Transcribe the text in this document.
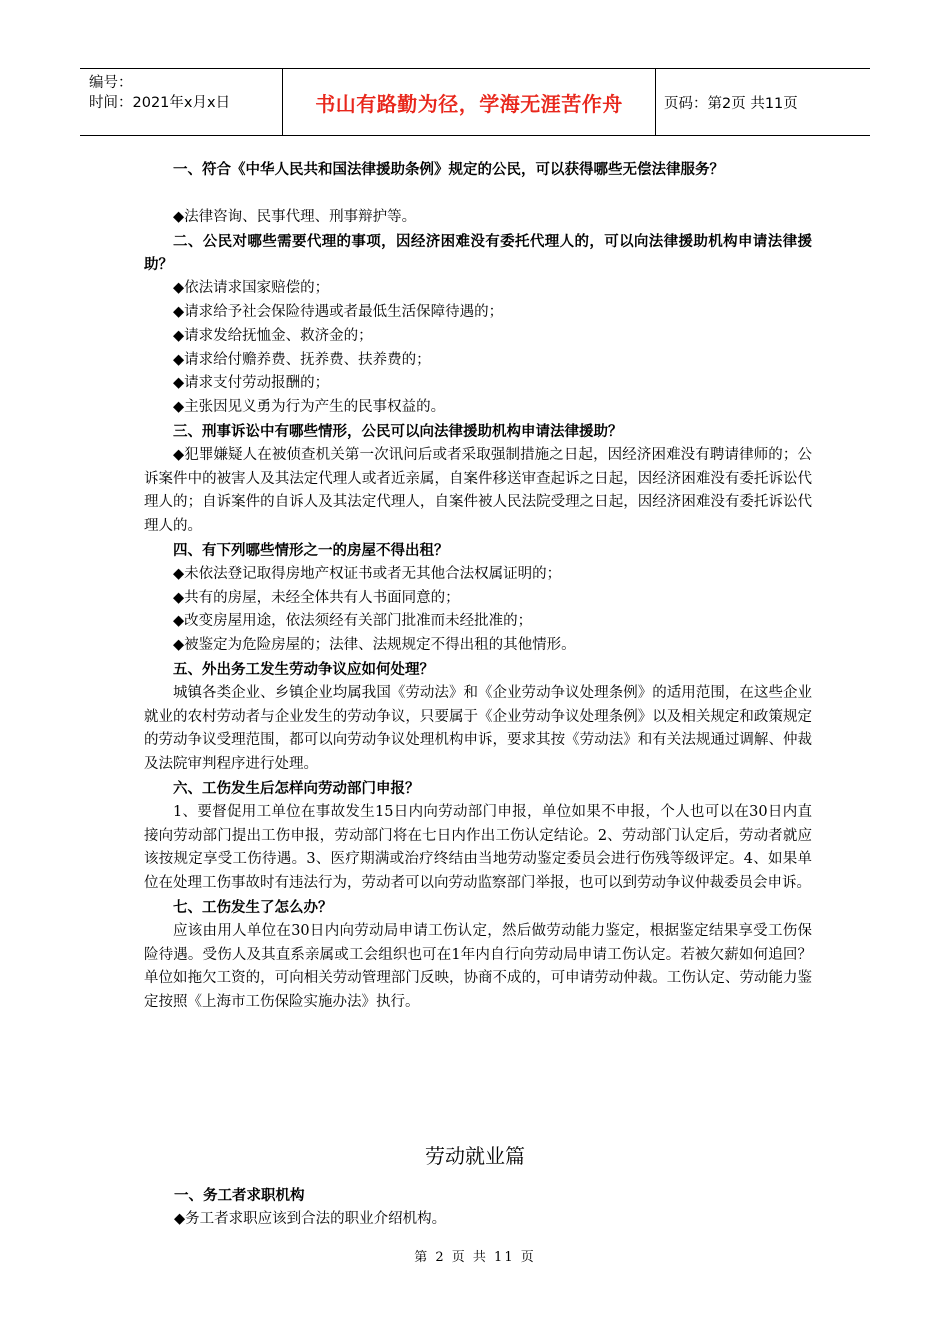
编号：
时间：2021年x月x日	书山有路勤为径，学海无涯苦作舟	页码：第2页 共11页

一、符合《中华人民共和国法律援助条例》规定的公民，可以获得哪些无偿法律服务？

◆法律咨询、民事代理、刑事辩护等。

二、公民对哪些需要代理的事项，因经济困难没有委托代理人的，可以向法律援助机构申请法律援助？

◆依法请求国家赔偿的；

◆请求给予社会保险待遇或者最低生活保障待遇的；

◆请求发给抚恤金、救济金的；

◆请求给付赡养费、抚养费、扶养费的；

◆请求支付劳动报酬的；

◆主张因见义勇为行为产生的民事权益的。

三、刑事诉讼中有哪些情形，公民可以向法律援助机构申请法律援助？

◆犯罪嫌疑人在被侦查机关第一次讯问后或者采取强制措施之日起，因经济困难没有聘请律师的；公诉案件中的被害人及其法定代理人或者近亲属，自案件移送审查起诉之日起，因经济困难没有委托诉讼代理人的；自诉案件的自诉人及其法定代理人，自案件被人民法院受理之日起，因经济困难没有委托诉讼代理人的。

四、有下列哪些情形之一的房屋不得出租？

◆未依法登记取得房地产权证书或者无其他合法权属证明的；

◆共有的房屋，未经全体共有人书面同意的；

◆改变房屋用途，依法须经有关部门批准而未经批准的；

◆被鉴定为危险房屋的；法律、法规规定不得出租的其他情形。

五、外出务工发生劳动争议应如何处理？

城镇各类企业、乡镇企业均属我国《劳动法》和《企业劳动争议处理条例》的适用范围，在这些企业就业的农村劳动者与企业发生的劳动争议，只要属于《企业劳动争议处理条例》以及相关规定和政策规定的劳动争议受理范围，都可以向劳动争议处理机构申诉，要求其按《劳动法》和有关法规通过调解、仲裁及法院审判程序进行处理。

六、工伤发生后怎样向劳动部门申报？

1、要督促用工单位在事故发生15日内向劳动部门申报，单位如果不申报，个人也可以在30日内直接向劳动部门提出工伤申报，劳动部门将在七日内作出工伤认定结论。2、劳动部门认定后，劳动者就应该按规定享受工伤待遇。3、医疗期满或治疗终结由当地劳动鉴定委员会进行伤残等级评定。4、如果单位在处理工伤事故时有违法行为，劳动者可以向劳动监察部门举报，也可以到劳动争议仲裁委员会申诉。

七、工伤发生了怎么办？

应该由用人单位在30日内向劳动局申请工伤认定，然后做劳动能力鉴定，根据鉴定结果享受工伤保险待遇。受伤人及其直系亲属或工会组织也可在1年内自行向劳动局申请工伤认定。若被欠薪如何追回？单位如拖欠工资的，可向相关劳动管理部门反映，协商不成的，可申请劳动仲裁。工伤认定、劳动能力鉴定按照《上海市工伤保险实施办法》执行。

劳动就业篇

一、务工者求职机构

◆务工者求职应该到合法的职业介绍机构。

第 2 页 共 11 页
